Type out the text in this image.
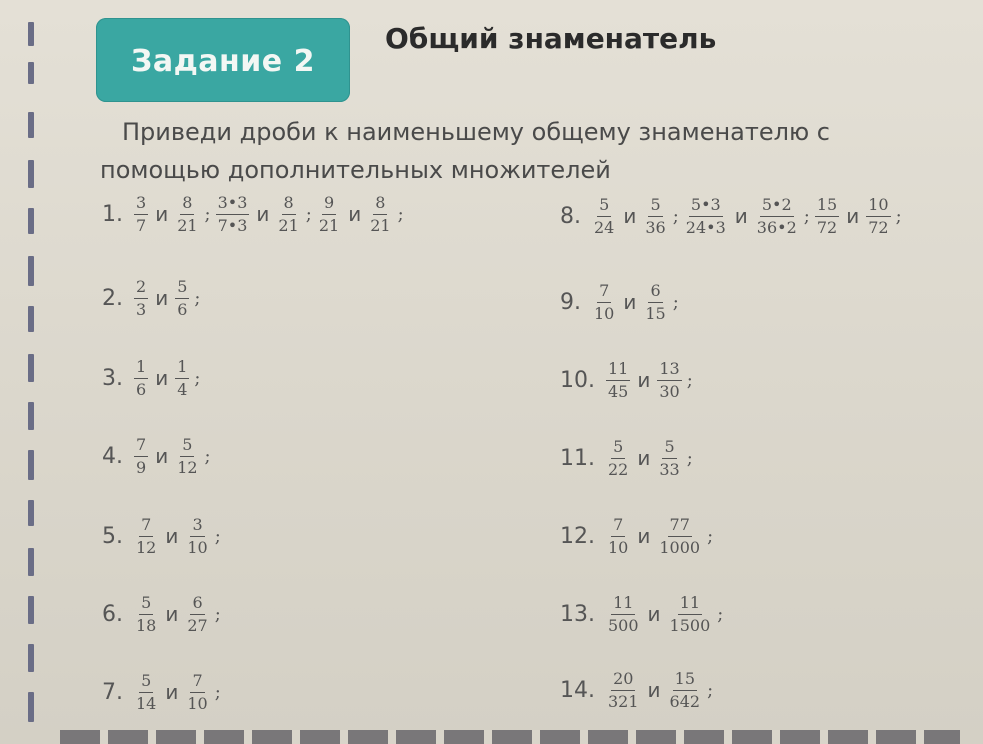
Задание 2
Общий знаменатель
Приведи дроби к наименьшему общему знаменателю с
помощью дополнительных множителей
1. $\frac{3}{7}$ и $\frac{8}{21}$ ; $\frac{3•3}{7•3}$ и $\frac{8}{21}$ ; $\frac{9}{21}$ и $\frac{8}{21}$ ;
2. $\frac{2}{3}$ и $\frac{5}{6}$ ;
3. $\frac{1}{6}$ и $\frac{1}{4}$ ;
4. $\frac{7}{9}$ и $\frac{5}{12}$ ;
5. $\frac{7}{12}$ и $\frac{3}{10}$ ;
6. $\frac{5}{18}$ и $\frac{6}{27}$ ;
7. $\frac{5}{14}$ и $\frac{7}{10}$ ;
8. $\frac{5}{24}$ и $\frac{5}{36}$ ; $\frac{5•3}{24•3}$ и $\frac{5•2}{36•2}$ ; $\frac{15}{72}$ и $\frac{10}{72}$ ;
9. $\frac{7}{10}$ и $\frac{6}{15}$ ;
10. $\frac{11}{45}$ и $\frac{13}{30}$ ;
11. $\frac{5}{22}$ и $\frac{5}{33}$ ;
12. $\frac{7}{10}$ и $\frac{77}{1000}$ ;
13. $\frac{11}{500}$ и $\frac{11}{1500}$ ;
14. $\frac{20}{321}$ и $\frac{15}{642}$ ;
